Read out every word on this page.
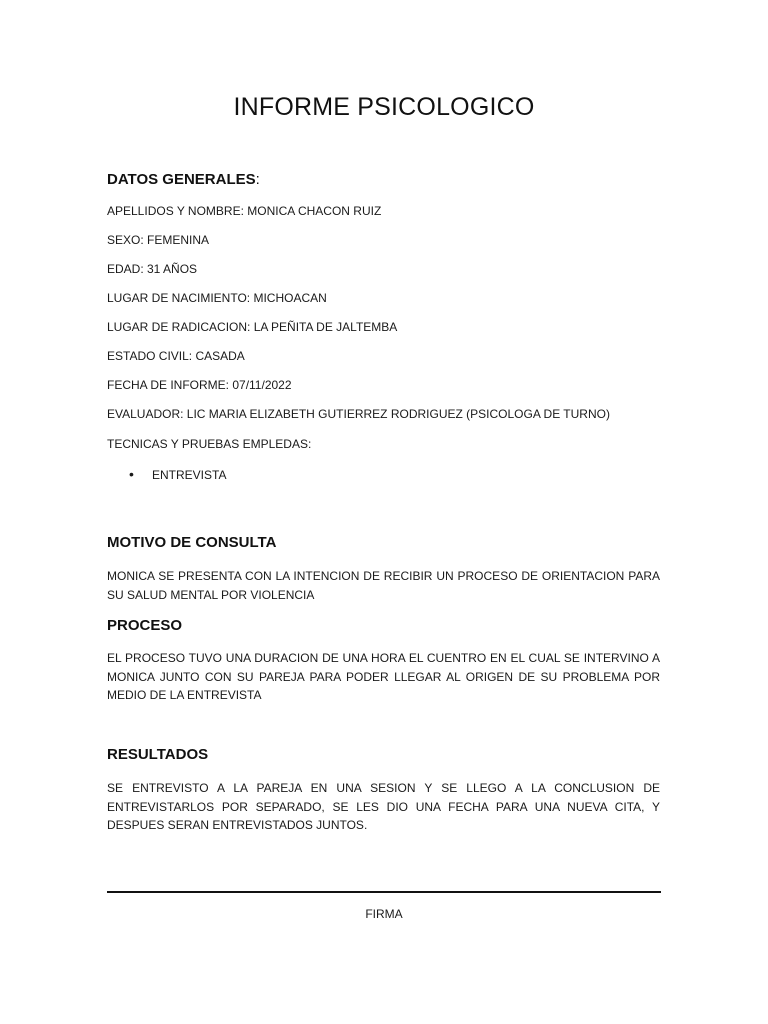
INFORME PSICOLOGICO
DATOS GENERALES:
APELLIDOS Y NOMBRE: MONICA CHACON RUIZ
SEXO: FEMENINA
EDAD: 31 AÑOS
LUGAR DE NACIMIENTO: MICHOACAN
LUGAR DE RADICACION: LA PEÑITA DE JALTEMBA
ESTADO CIVIL: CASADA
FECHA DE INFORME: 07/11/2022
EVALUADOR: LIC MARIA ELIZABETH GUTIERREZ RODRIGUEZ (PSICOLOGA DE TURNO)
TECNICAS Y PRUEBAS EMPLEDAS:
• ENTREVISTA
MOTIVO DE CONSULTA
MONICA SE PRESENTA CON LA INTENCION DE RECIBIR UN PROCESO DE ORIENTACION PARA SU SALUD MENTAL POR VIOLENCIA
PROCESO
EL PROCESO TUVO UNA DURACION DE UNA HORA EL CUENTRO EN EL CUAL SE INTERVINO A MONICA JUNTO CON SU PAREJA PARA PODER LLEGAR AL ORIGEN DE SU PROBLEMA POR MEDIO DE LA ENTREVISTA
RESULTADOS
SE ENTREVISTO A LA PAREJA EN UNA SESION Y SE LLEGO A LA CONCLUSION DE ENTREVISTARLOS POR SEPARADO, SE LES DIO UNA FECHA PARA UNA NUEVA CITA, Y DESPUES SERAN ENTREVISTADOS JUNTOS.
FIRMA
